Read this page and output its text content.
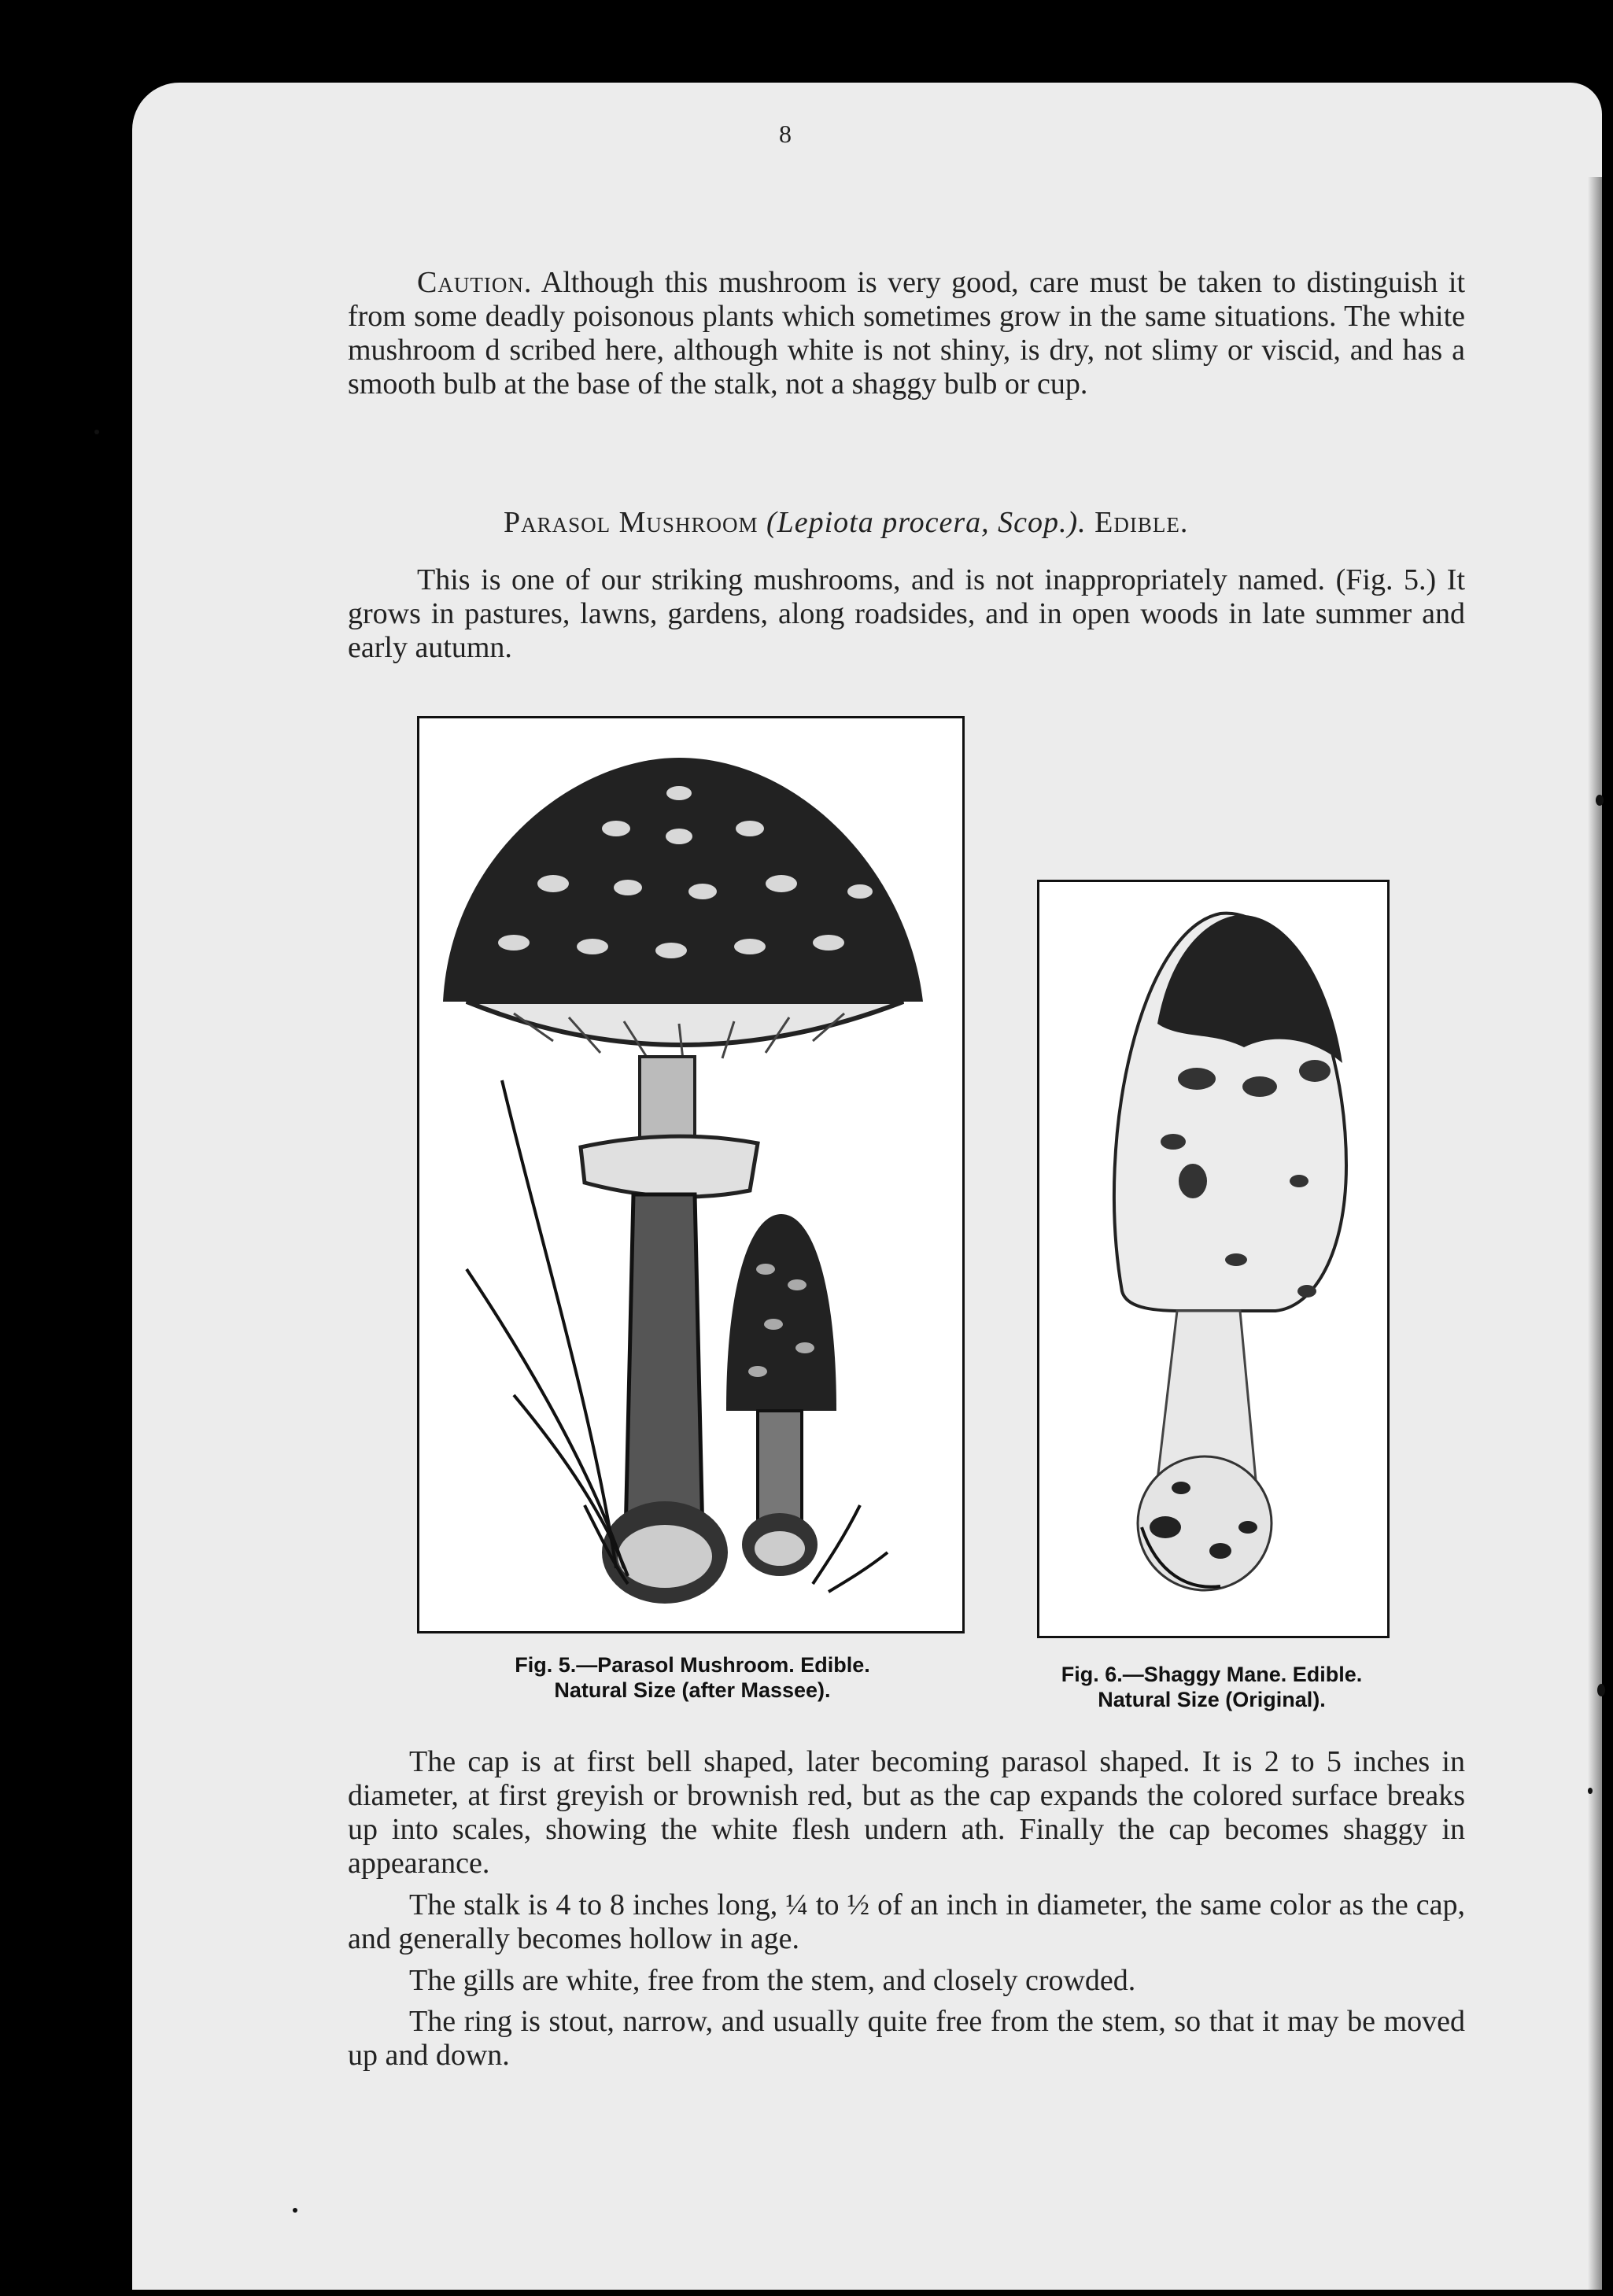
8

Caution. Although this mushroom is very good, care must be taken to distinguish it from some deadly poisonous plants which sometimes grow in the same situations. The white mushroom d scribed here, although white is not shiny, is dry, not slimy or viscid, and has a smooth bulb at the base of the stalk, not a shaggy bulb or cup.

Parasol Mushroom (Lepiota procera, Scop.). Edible.

This is one of our striking mushrooms, and is not inappropriately named. (Fig. 5.) It grows in pastures, lawns, gardens, along roadsides, and in open woods in late summer and early autumn.

Fig. 5.—Parasol Mushroom. Edible.
Natural Size (after Massee).
Fig. 6.—Shaggy Mane. Edible.
Natural Size (Original).

The cap is at first bell shaped, later becoming parasol shaped. It is 2 to 5 inches in diameter, at first greyish or brownish red, but as the cap expands the colored surface breaks up into scales, showing the white flesh undern ath. Finally the cap becomes shaggy in appearance.

The stalk is 4 to 8 inches long, ¼ to ½ of an inch in diameter, the same color as the cap, and generally becomes hollow in age.

The gills are white, free from the stem, and closely crowded.

The ring is stout, narrow, and usually quite free from the stem, so that it may be moved up and down.
